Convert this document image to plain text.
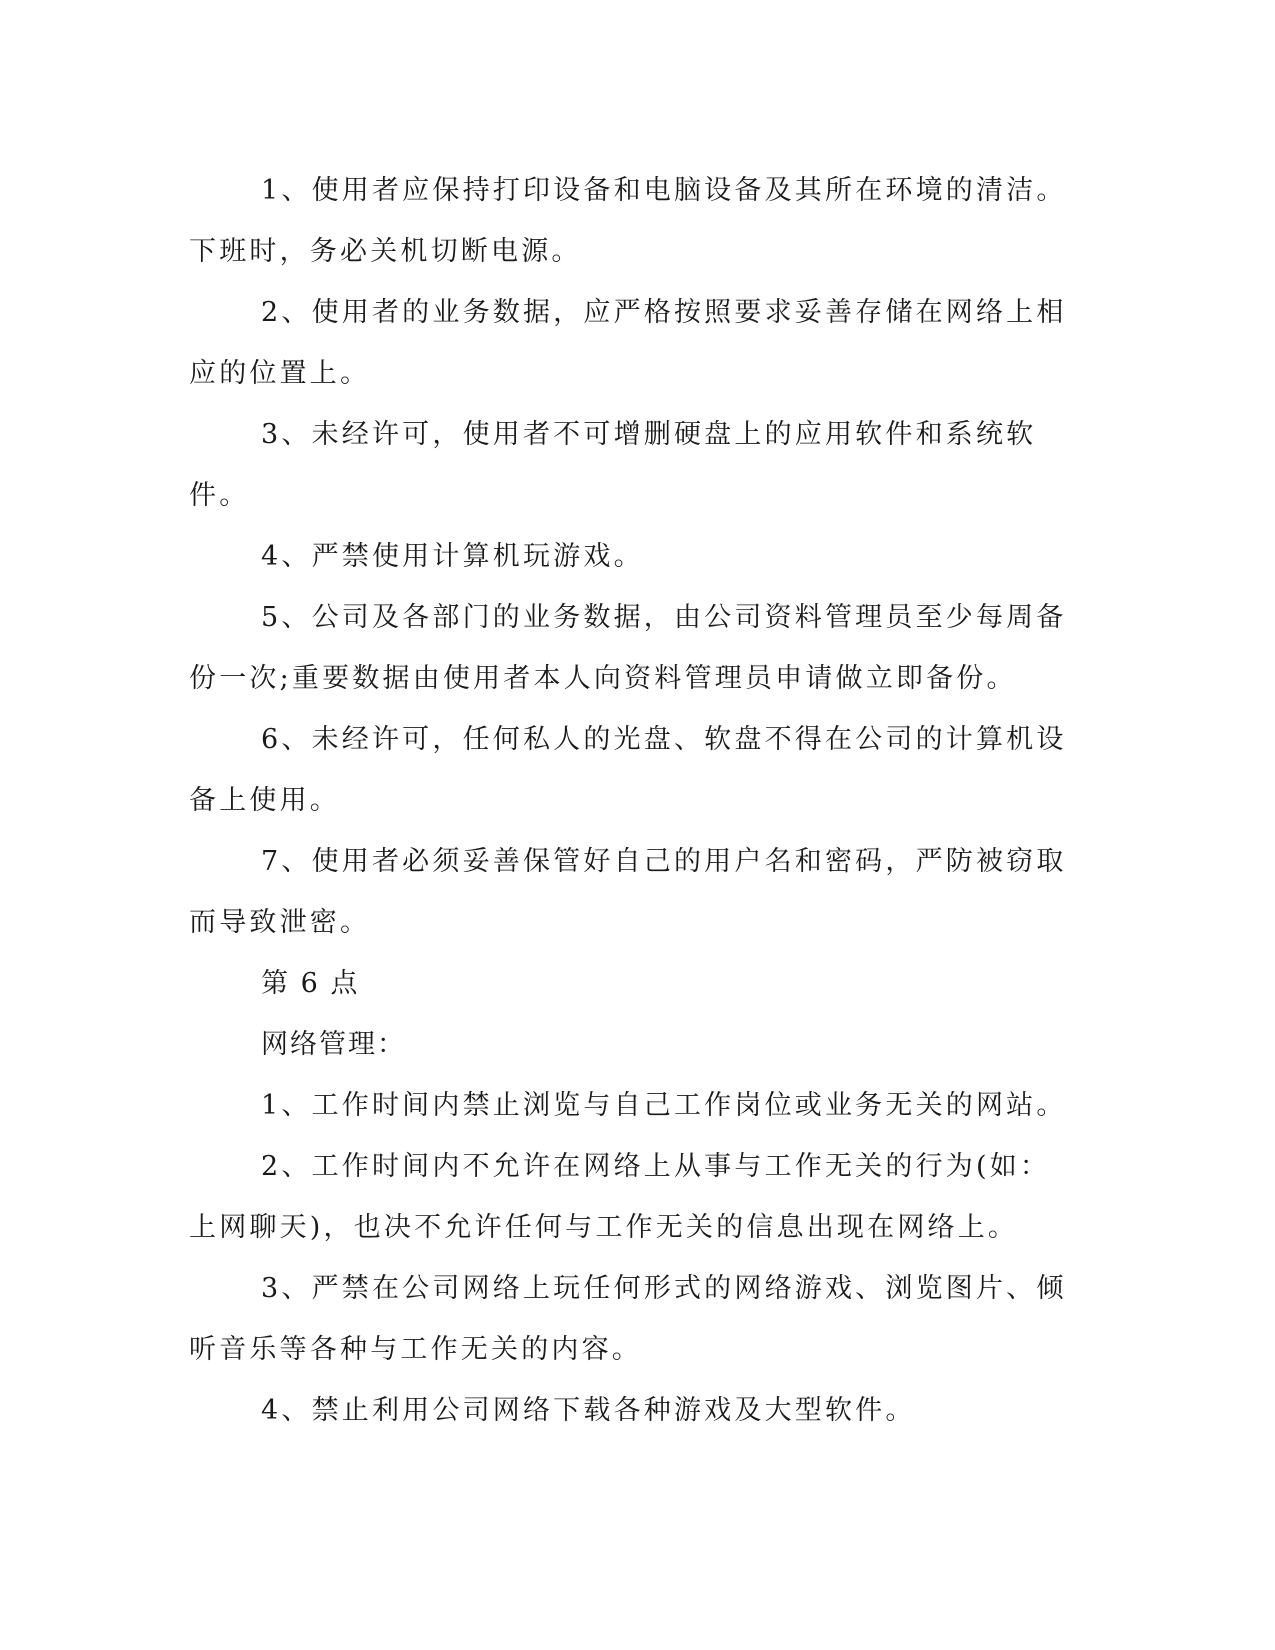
1、使用者应保持打印设备和电脑设备及其所在环境的清洁。下班时，务必关机切断电源。

2、使用者的业务数据，应严格按照要求妥善存储在网络上相应的位置上。

3、未经许可，使用者不可增删硬盘上的应用软件和系统软件。

4、严禁使用计算机玩游戏。

5、公司及各部门的业务数据，由公司资料管理员至少每周备份一次;重要数据由使用者本人向资料管理员申请做立即备份。

6、未经许可，任何私人的光盘、软盘不得在公司的计算机设备上使用。

7、使用者必须妥善保管好自己的用户名和密码，严防被窃取而导致泄密。

第 6 点

网络管理：

1、工作时间内禁止浏览与自己工作岗位或业务无关的网站。

2、工作时间内不允许在网络上从事与工作无关的行为(如：上网聊天)，也决不允许任何与工作无关的信息出现在网络上。

3、严禁在公司网络上玩任何形式的网络游戏、浏览图片、倾听音乐等各种与工作无关的内容。

4、禁止利用公司网络下载各种游戏及大型软件。
